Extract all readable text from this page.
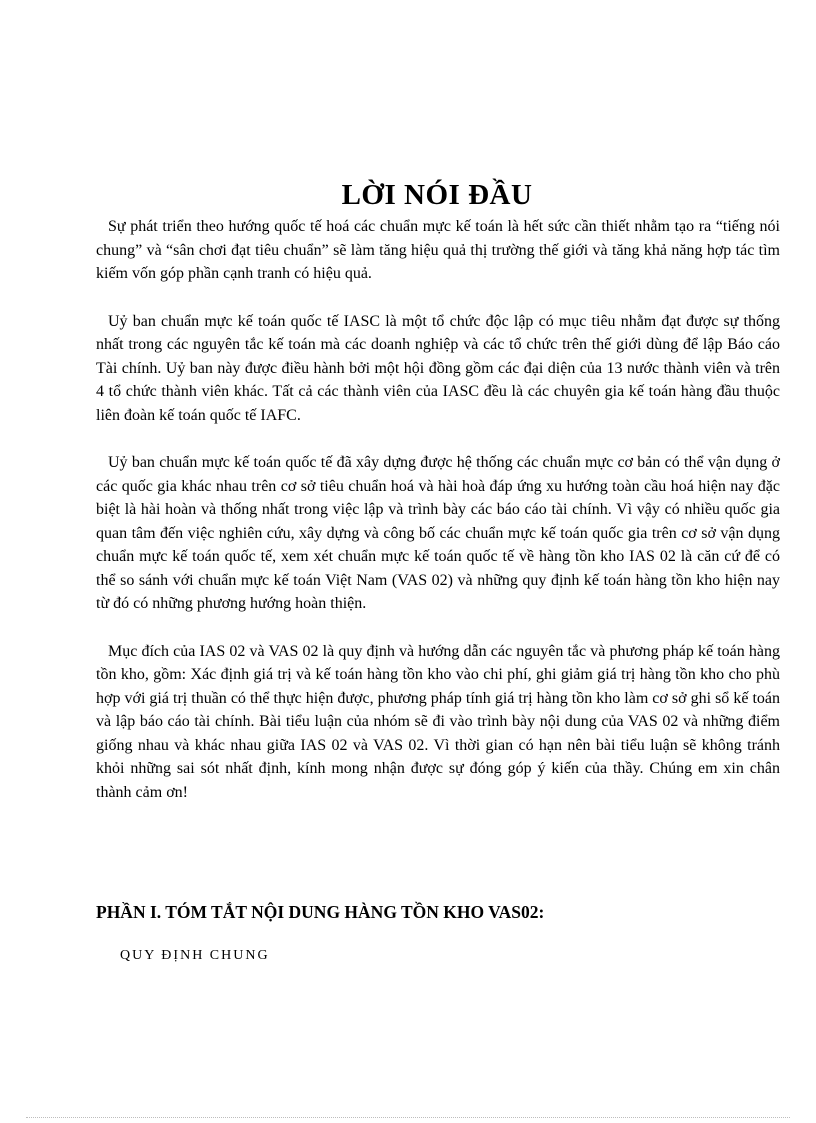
LỜI NÓI ĐẦU

Sự phát triển theo hướng quốc tế hoá các chuẩn mực kế toán là hết sức cần thiết nhằm tạo ra “tiếng nói chung” và “sân chơi đạt tiêu chuẩn” sẽ làm tăng hiệu quả thị trường thế giới và tăng khả năng hợp tác tìm kiếm vốn góp phần cạnh tranh có hiệu quả.

Uỷ ban chuẩn mực kế toán quốc tế IASC là một tổ chức độc lập có mục tiêu nhằm đạt được sự thống nhất trong các nguyên tắc kế toán mà các doanh nghiệp và các tổ chức trên thế giới dùng để lập Báo cáo Tài chính. Uỷ ban này được điều hành bởi một hội đồng gồm các đại diện của 13 nước thành viên và trên 4 tổ chức thành viên khác. Tất cả các thành viên của IASC đều là các chuyên gia kế toán hàng đầu thuộc liên đoàn kế toán quốc tế IAFC.

Uỷ ban chuẩn mực kế toán quốc tế đã xây dựng được hệ thống các chuẩn mực cơ bản có thể vận dụng ở các quốc gia khác nhau trên cơ sở tiêu chuẩn hoá và hài hoà đáp ứng xu hướng toàn cầu hoá hiện nay đặc biệt là hài hoàn và thống nhất trong việc lập và trình bày các báo cáo tài chính. Vì vậy có nhiều quốc gia quan tâm đến việc nghiên cứu, xây dựng và công bố các chuẩn mực kế toán quốc gia trên cơ sở vận dụng chuẩn mực kế toán quốc tế, xem xét chuẩn mực kế toán quốc tế về hàng tồn kho IAS 02 là căn cứ để có thể so sánh với chuẩn mực kế toán Việt Nam (VAS 02) và những quy định kế toán hàng tồn kho hiện nay từ đó có những phương hướng hoàn thiện.

Mục đích của IAS 02 và VAS 02 là quy định và hướng dẫn các nguyên tắc và phương pháp kế toán hàng tồn kho, gồm: Xác định giá trị và kế toán hàng tồn kho vào chi phí, ghi giảm giá trị hàng tồn kho cho phù hợp với giá trị thuần có thể thực hiện được, phương pháp tính giá trị hàng tồn kho làm cơ sở ghi sổ kế toán và lập báo cáo tài chính. Bài tiểu luận của nhóm sẽ đi vào trình bày nội dung của VAS 02 và những điểm giống nhau và khác nhau giữa IAS 02 và VAS 02. Vì thời gian có hạn nên bài tiểu luận sẽ không tránh khỏi những sai sót nhất định, kính mong nhận được sự đóng góp ý kiến của thầy. Chúng em xin chân thành cảm ơn!

PHẦN I. TÓM TẮT NỘI DUNG HÀNG TỒN KHO VAS02:
QUY ĐỊNH CHUNG
